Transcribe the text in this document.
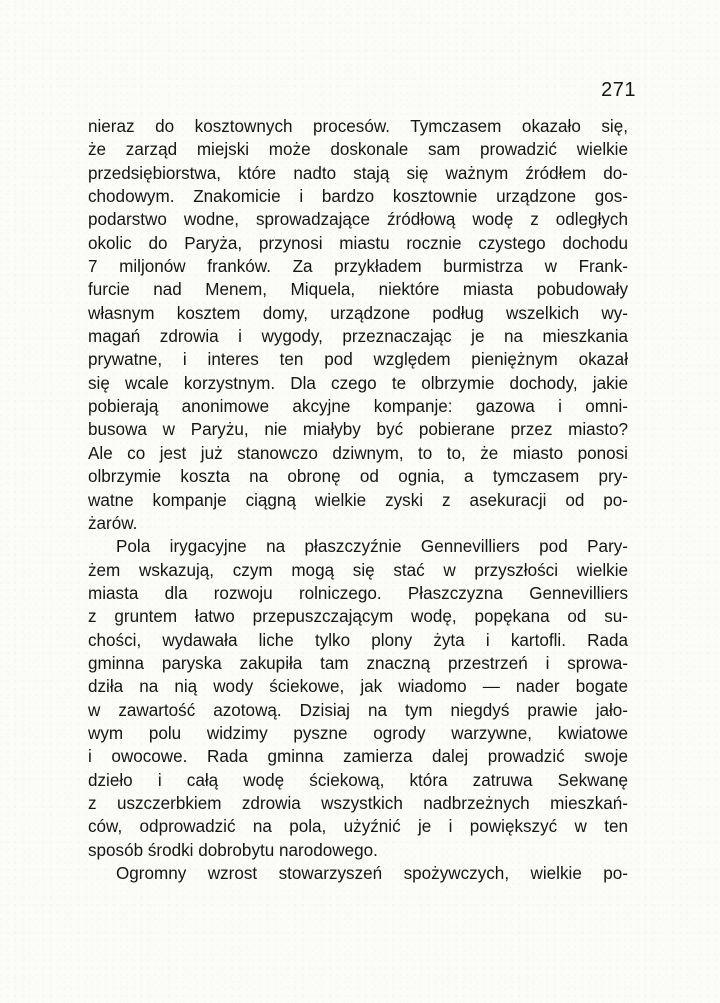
271
nieraz do kosztownych procesów. Tymczasem okazało się,
że zarząd miejski może doskonale sam prowadzić wielkie
przedsiębiorstwa, które nadto stają się ważnym źródłem do-
chodowym. Znakomicie i bardzo kosztownie urządzone gos-
podarstwo wodne, sprowadzające źródłową wodę z odległych
okolic do Paryża, przynosi miastu rocznie czystego dochodu
7 miljonów franków. Za przykładem burmistrza w Frank-
furcie nad Menem, Miquela, niektóre miasta pobudowały
własnym kosztem domy, urządzone podług wszelkich wy-
magań zdrowia i wygody, przeznaczając je na mieszkania
prywatne, i interes ten pod względem pieniężnym okazał
się wcale korzystnym. Dla czego te olbrzymie dochody, jakie
pobierają anonimowe akcyjne kompanje: gazowa i omni-
busowa w Paryżu, nie miałyby być pobierane przez miasto?
Ale co jest już stanowczo dziwnym, to to, że miasto ponosi
olbrzymie koszta na obronę od ognia, a tymczasem pry-
watne kompanje ciągną wielkie zyski z asekuracji od po-
żarów.
Pola irygacyjne na płaszczyźnie Gennevilliers pod Pary-
żem wskazują, czym mogą się stać w przyszłości wielkie
miasta dla rozwoju rolniczego. Płaszczyzna Gennevilliers
z gruntem łatwo przepuszczającym wodę, popękana od su-
chości, wydawała liche tylko plony żyta i kartofli. Rada
gminna paryska zakupiła tam znaczną przestrzeń i sprowa-
dziła na nią wody ściekowe, jak wiadomo — nader bogate
w zawartość azotową. Dzisiaj na tym niegdyś prawie jało-
wym polu widzimy pyszne ogrody warzywne, kwiatowe
i owocowe. Rada gminna zamierza dalej prowadzić swoje
dzieło i całą wodę ściekową, która zatruwa Sekwanę
z uszczerbkiem zdrowia wszystkich nadbrzeżnych mieszkań-
ców, odprowadzić na pola, użyźnić je i powiększyć w ten
sposób środki dobrobytu narodowego.
Ogromny wzrost stowarzyszeń spożywczych, wielkie po-
